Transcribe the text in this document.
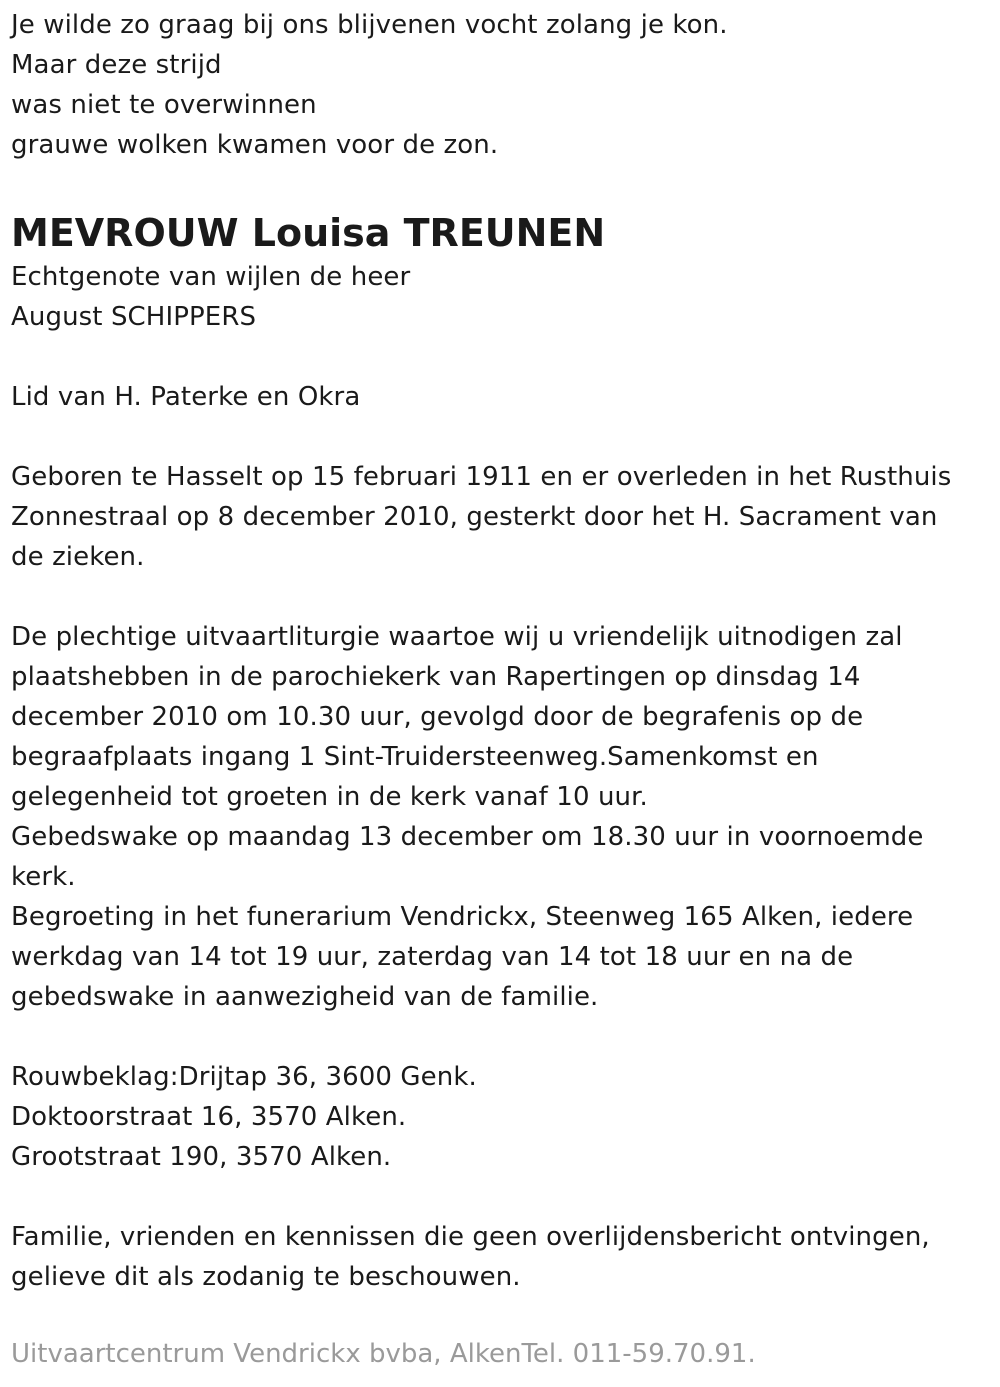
Je wilde zo graag bij ons blijvenen vocht zolang je kon.
Maar deze strijd
was niet te overwinnen
grauwe wolken kwamen voor de zon.
MEVROUW Louisa TREUNEN
Echtgenote van wijlen de heer
August SCHIPPERS
Lid van H. Paterke en Okra
Geboren te Hasselt op 15 februari 1911 en er overleden in het Rusthuis
Zonnestraal op 8 december 2010, gesterkt door het H. Sacrament van
de zieken.
De plechtige uitvaartliturgie waartoe wij u vriendelijk uitnodigen zal
plaatshebben in de parochiekerk van Rapertingen op dinsdag 14
december 2010 om 10.30 uur, gevolgd door de begrafenis op de
begraafplaats ingang 1 Sint-Truidersteenweg.Samenkomst en
gelegenheid tot groeten in de kerk vanaf 10 uur.
Gebedswake op maandag 13 december om 18.30 uur in voornoemde
kerk.
Begroeting in het funerarium Vendrickx, Steenweg 165 Alken, iedere
werkdag van 14 tot 19 uur, zaterdag van 14 tot 18 uur en na de
gebedswake in aanwezigheid van de familie.
Rouwbeklag:Drijtap 36, 3600 Genk.
Doktoorstraat 16, 3570 Alken.
Grootstraat 190, 3570 Alken.
Familie, vrienden en kennissen die geen overlijdensbericht ontvingen,
gelieve dit als zodanig te beschouwen.
Uitvaartcentrum Vendrickx bvba, AlkenTel. 011-59.70.91.
